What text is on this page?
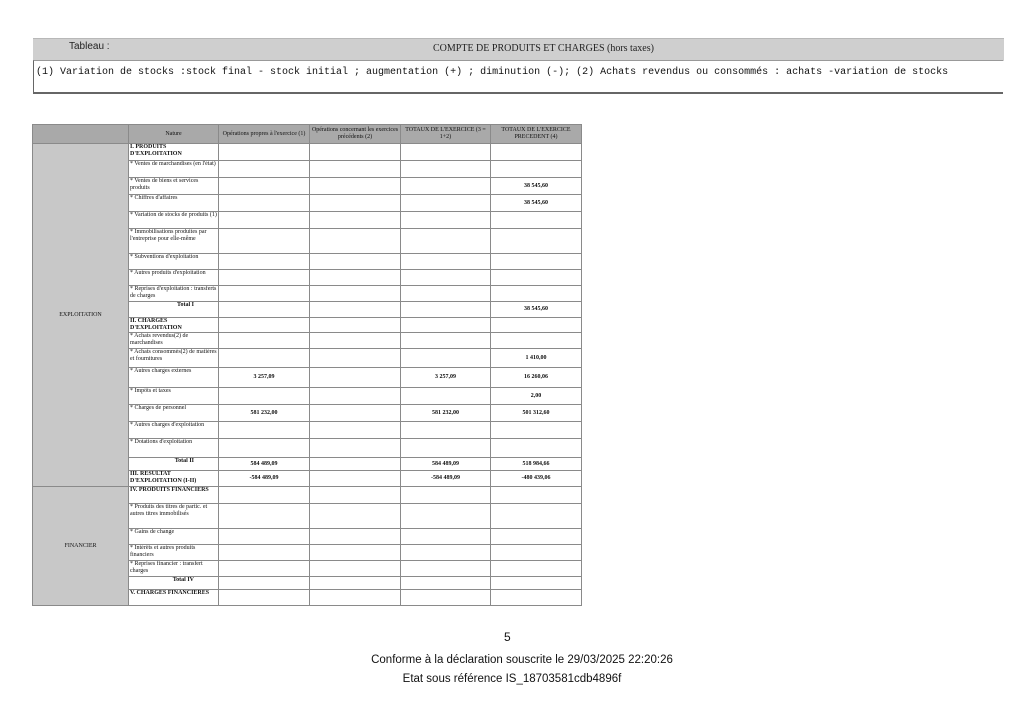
Tableau :	COMPTE DE PRODUITS ET CHARGES (hors taxes)
(1) Variation de stocks :stock final - stock initial ; augmentation (+) ; diminution (-); (2) Achats revendus ou consommés : achats -variation de stocks
	Nature	Opérations propres à l'exercice (1)	Opérations concernant les exercices précédents (2)	TOTAUX DE L'EXERCICE (3 = 1+2)	TOTAUX DE L'EXERCICE PRECEDENT (4)
EXPLOITATION	I. PRODUITS D'EXPLOITATION				
	* Ventes de marchandises (en l'état)				
	* Ventes de biens et services produits				38 545,60
	* Chiffres d'affaires				38 545,60
	* Variation de stocks de produits (1)				
	* Immobilisations produites par l'entreprise pour elle-même				
	* Subventions d'exploitation				
	* Autres produits d'exploitation				
	* Reprises d'exploitation : transferts de charges				
	Total I				38 545,60
	II. CHARGES D'EXPLOITATION				
	* Achats revendus(2) de marchandises				
	* Achats consommés(2) de matières et fournitures				1 410,00
	* Autres charges externes	3 257,09		3 257,09	16 260,06
	* Impôts et taxes				2,00
	* Charges de personnel	581 232,00		581 232,00	501 312,60
	* Autres charges d'exploitation				
	* Dotations d'exploitation				
	Total II	584 489,09		584 489,09	518 984,66
	III. RESULTAT D'EXPLOITATION (I-II)	-584 489,09		-584 489,09	-480 439,06
FINANCIER	IV. PRODUITS FINANCIERS				
	* Produits des titres de partic. et autres titres immobilisés				
	* Gains de change				
	* Intérêts et autres produits financiers				
	* Reprises financier : transfert charges				
	Total IV				
	V. CHARGES FINANCIERES				
5
Conforme à la déclaration souscrite le 29/03/2025 22:20:26
Etat sous référence IS_18703581cdb4896f
